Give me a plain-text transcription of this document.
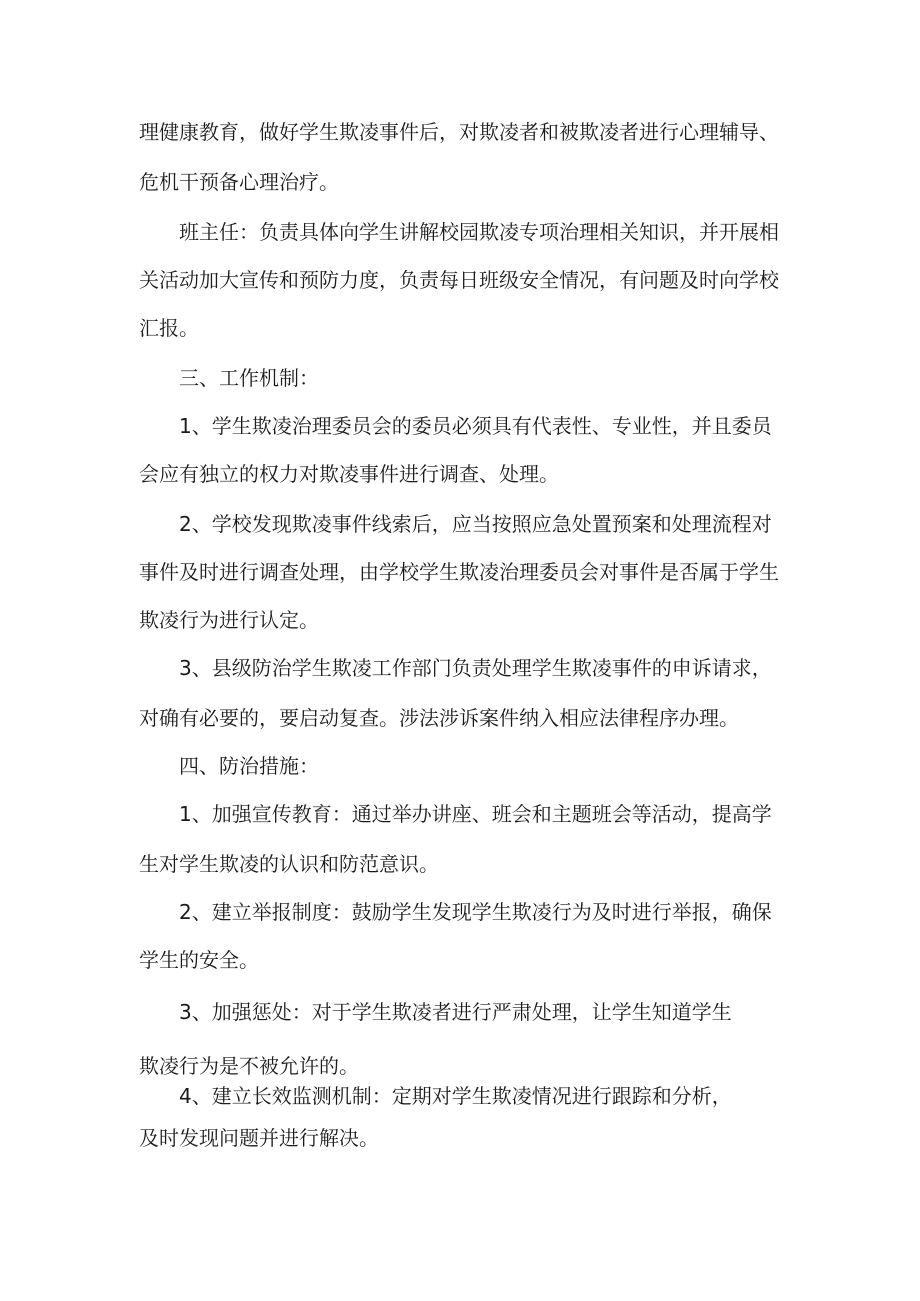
理健康教育，做好学生欺凌事件后，对欺凌者和被欺凌者进行心理辅导、
危机干预备心理治疗。
班主任：负责具体向学生讲解校园欺凌专项治理相关知识，并开展相
关活动加大宣传和预防力度，负责每日班级安全情况，有问题及时向学校
汇报。
三、工作机制：
1、学生欺凌治理委员会的委员必须具有代表性、专业性，并且委员
会应有独立的权力对欺凌事件进行调查、处理。
2、学校发现欺凌事件线索后，应当按照应急处置预案和处理流程对
事件及时进行调查处理，由学校学生欺凌治理委员会对事件是否属于学生
欺凌行为进行认定。
3、县级防治学生欺凌工作部门负责处理学生欺凌事件的申诉请求，
对确有必要的，要启动复查。涉法涉诉案件纳入相应法律程序办理。
四、防治措施：
1、加强宣传教育：通过举办讲座、班会和主题班会等活动，提高学
生对学生欺凌的认识和防范意识。
2、建立举报制度：鼓励学生发现学生欺凌行为及时进行举报，确保
学生的安全。
3、加强惩处：对于学生欺凌者进行严肃处理，让学生知道学生
欺凌行为是不被允许的。
4、建立长效监测机制：定期对学生欺凌情况进行跟踪和分析，
及时发现问题并进行解决。
